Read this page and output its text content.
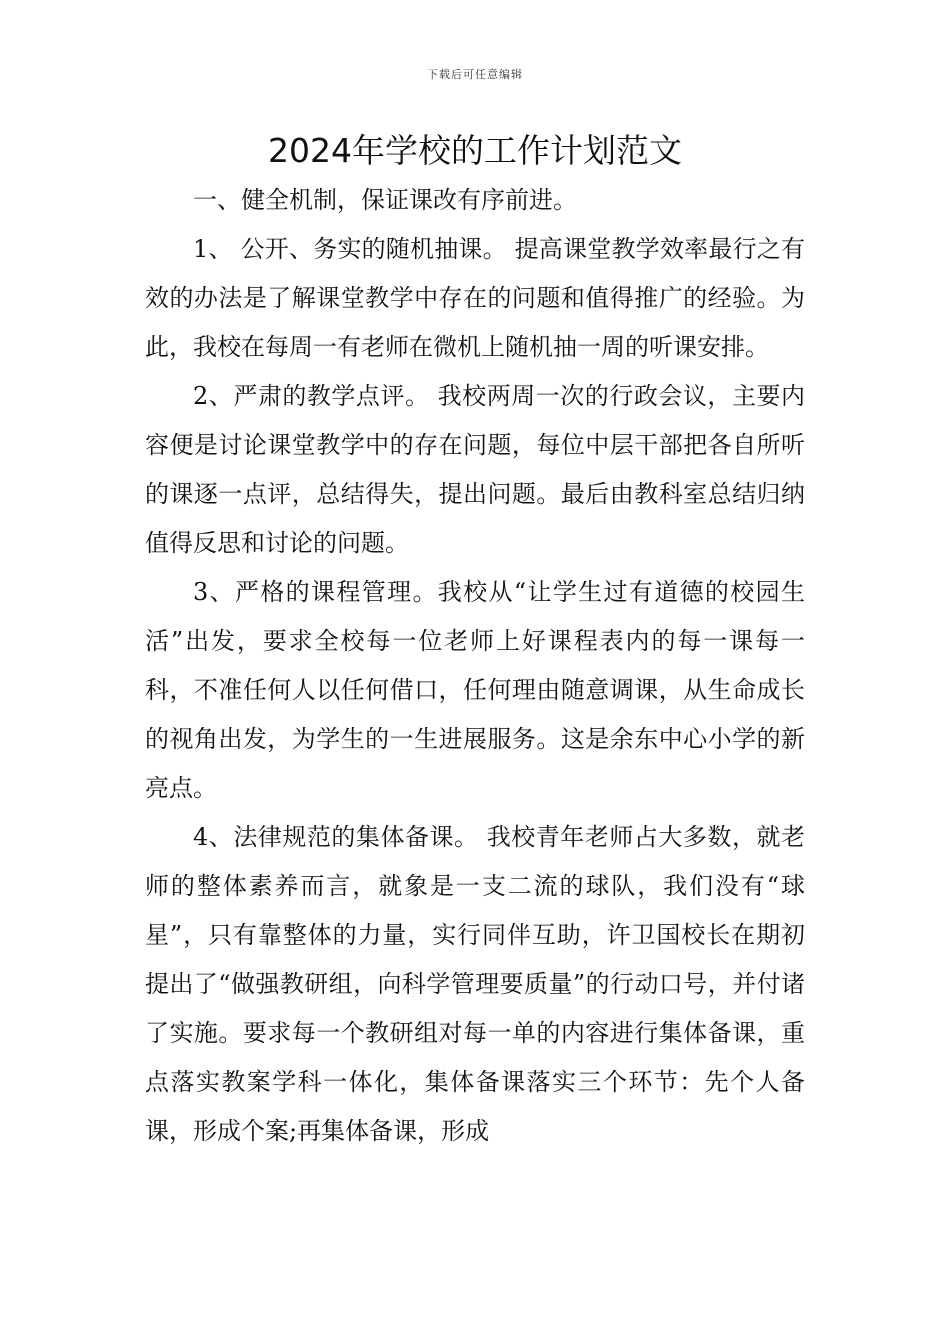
下载后可任意编辑
2024年学校的工作计划范文

一、健全机制，保证课改有序前进。

1、 公开、务实的随机抽课。 提高课堂教学效率最行之有效的办法是了解课堂教学中存在的问题和值得推广的经验。为此，我校在每周一有老师在微机上随机抽一周的听课安排。

2、严肃的教学点评。 我校两周一次的行政会议，主要内容便是讨论课堂教学中的存在问题，每位中层干部把各自所听的课逐一点评，总结得失，提出问题。最后由教科室总结归纳值得反思和讨论的问题。

3、严格的课程管理。我校从“让学生过有道德的校园生活”出发，要求全校每一位老师上好课程表内的每一课每一科，不准任何人以任何借口，任何理由随意调课，从生命成长的视角出发，为学生的一生进展服务。这是余东中心小学的新亮点。

4、法律规范的集体备课。 我校青年老师占大多数，就老师的整体素养而言，就象是一支二流的球队，我们没有“球星”，只有靠整体的力量，实行同伴互助，许卫国校长在期初提出了“做强教研组，向科学管理要质量”的行动口号，并付诸了实施。要求每一个教研组对每一单的内容进行集体备课，重点落实教案学科一体化，集体备课落实三个环节：先个人备课，形成个案;再集体备课，形成
